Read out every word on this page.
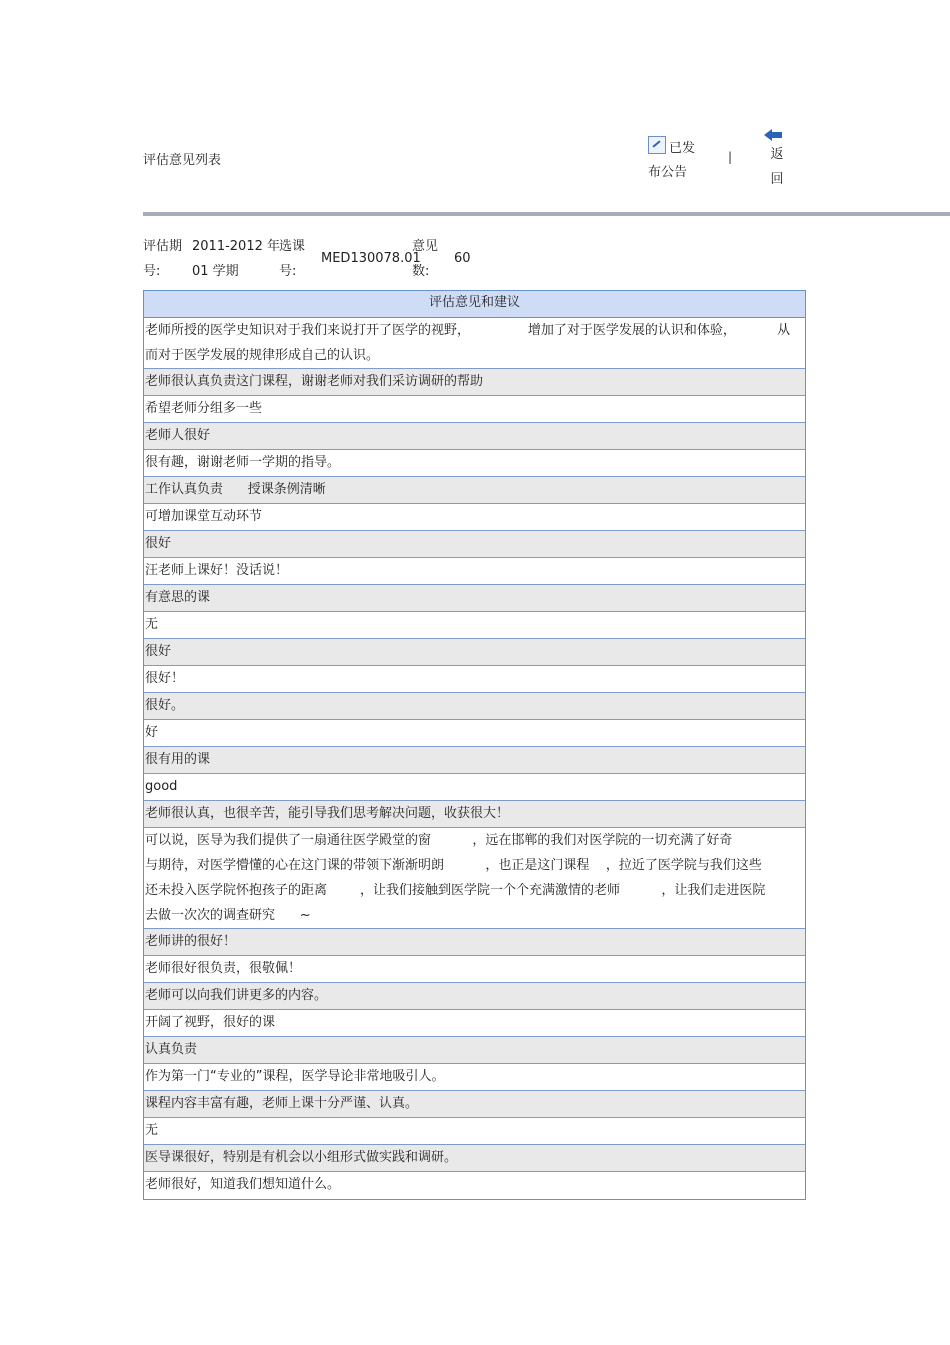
评估意见列表
已发
布公告
|	返
回
评估期
号:
2011-2012 年
01 学期
选课
号:
MED130078.01
意见
数:
60
评估意见和建议
老师所授的医学史知识对于我们来说打开了医学的视野，              增加了对于医学发展的认识和体验，          从
而对于医学发展的规律形成自己的认识。
老师很认真负责这门课程，谢谢老师对我们采访调研的帮助
希望老师分组多一些
老师人很好
很有趣，谢谢老师一学期的指导。
工作认真负责      授课条例清晰
可增加课堂互动环节
很好
汪老师上课好！没话说！
有意思的课
无
很好
很好！
很好。
好
很有用的课
good
老师很认真，也很辛苦，能引导我们思考解决问题，收获很大！
可以说，医导为我们提供了一扇通往医学殿堂的窗          ，远在邯郸的我们对医学院的一切充满了好奇
与期待，对医学懵懂的心在这门课的带领下渐渐明朗          ，也正是这门课程    ，拉近了医学院与我们这些
还未投入医学院怀抱孩子的距离        ，让我们接触到医学院一个个充满激情的老师          ，让我们走进医院
去做一次次的调查研究      ~
老师讲的很好！
老师很好很负责，很敬佩！
老师可以向我们讲更多的内容。
开阔了视野，很好的课
认真负责
作为第一门“专业的”课程，医学导论非常地吸引人。
课程内容丰富有趣，老师上课十分严谨、认真。
无
医导课很好，特别是有机会以小组形式做实践和调研。
老师很好，知道我们想知道什么。
